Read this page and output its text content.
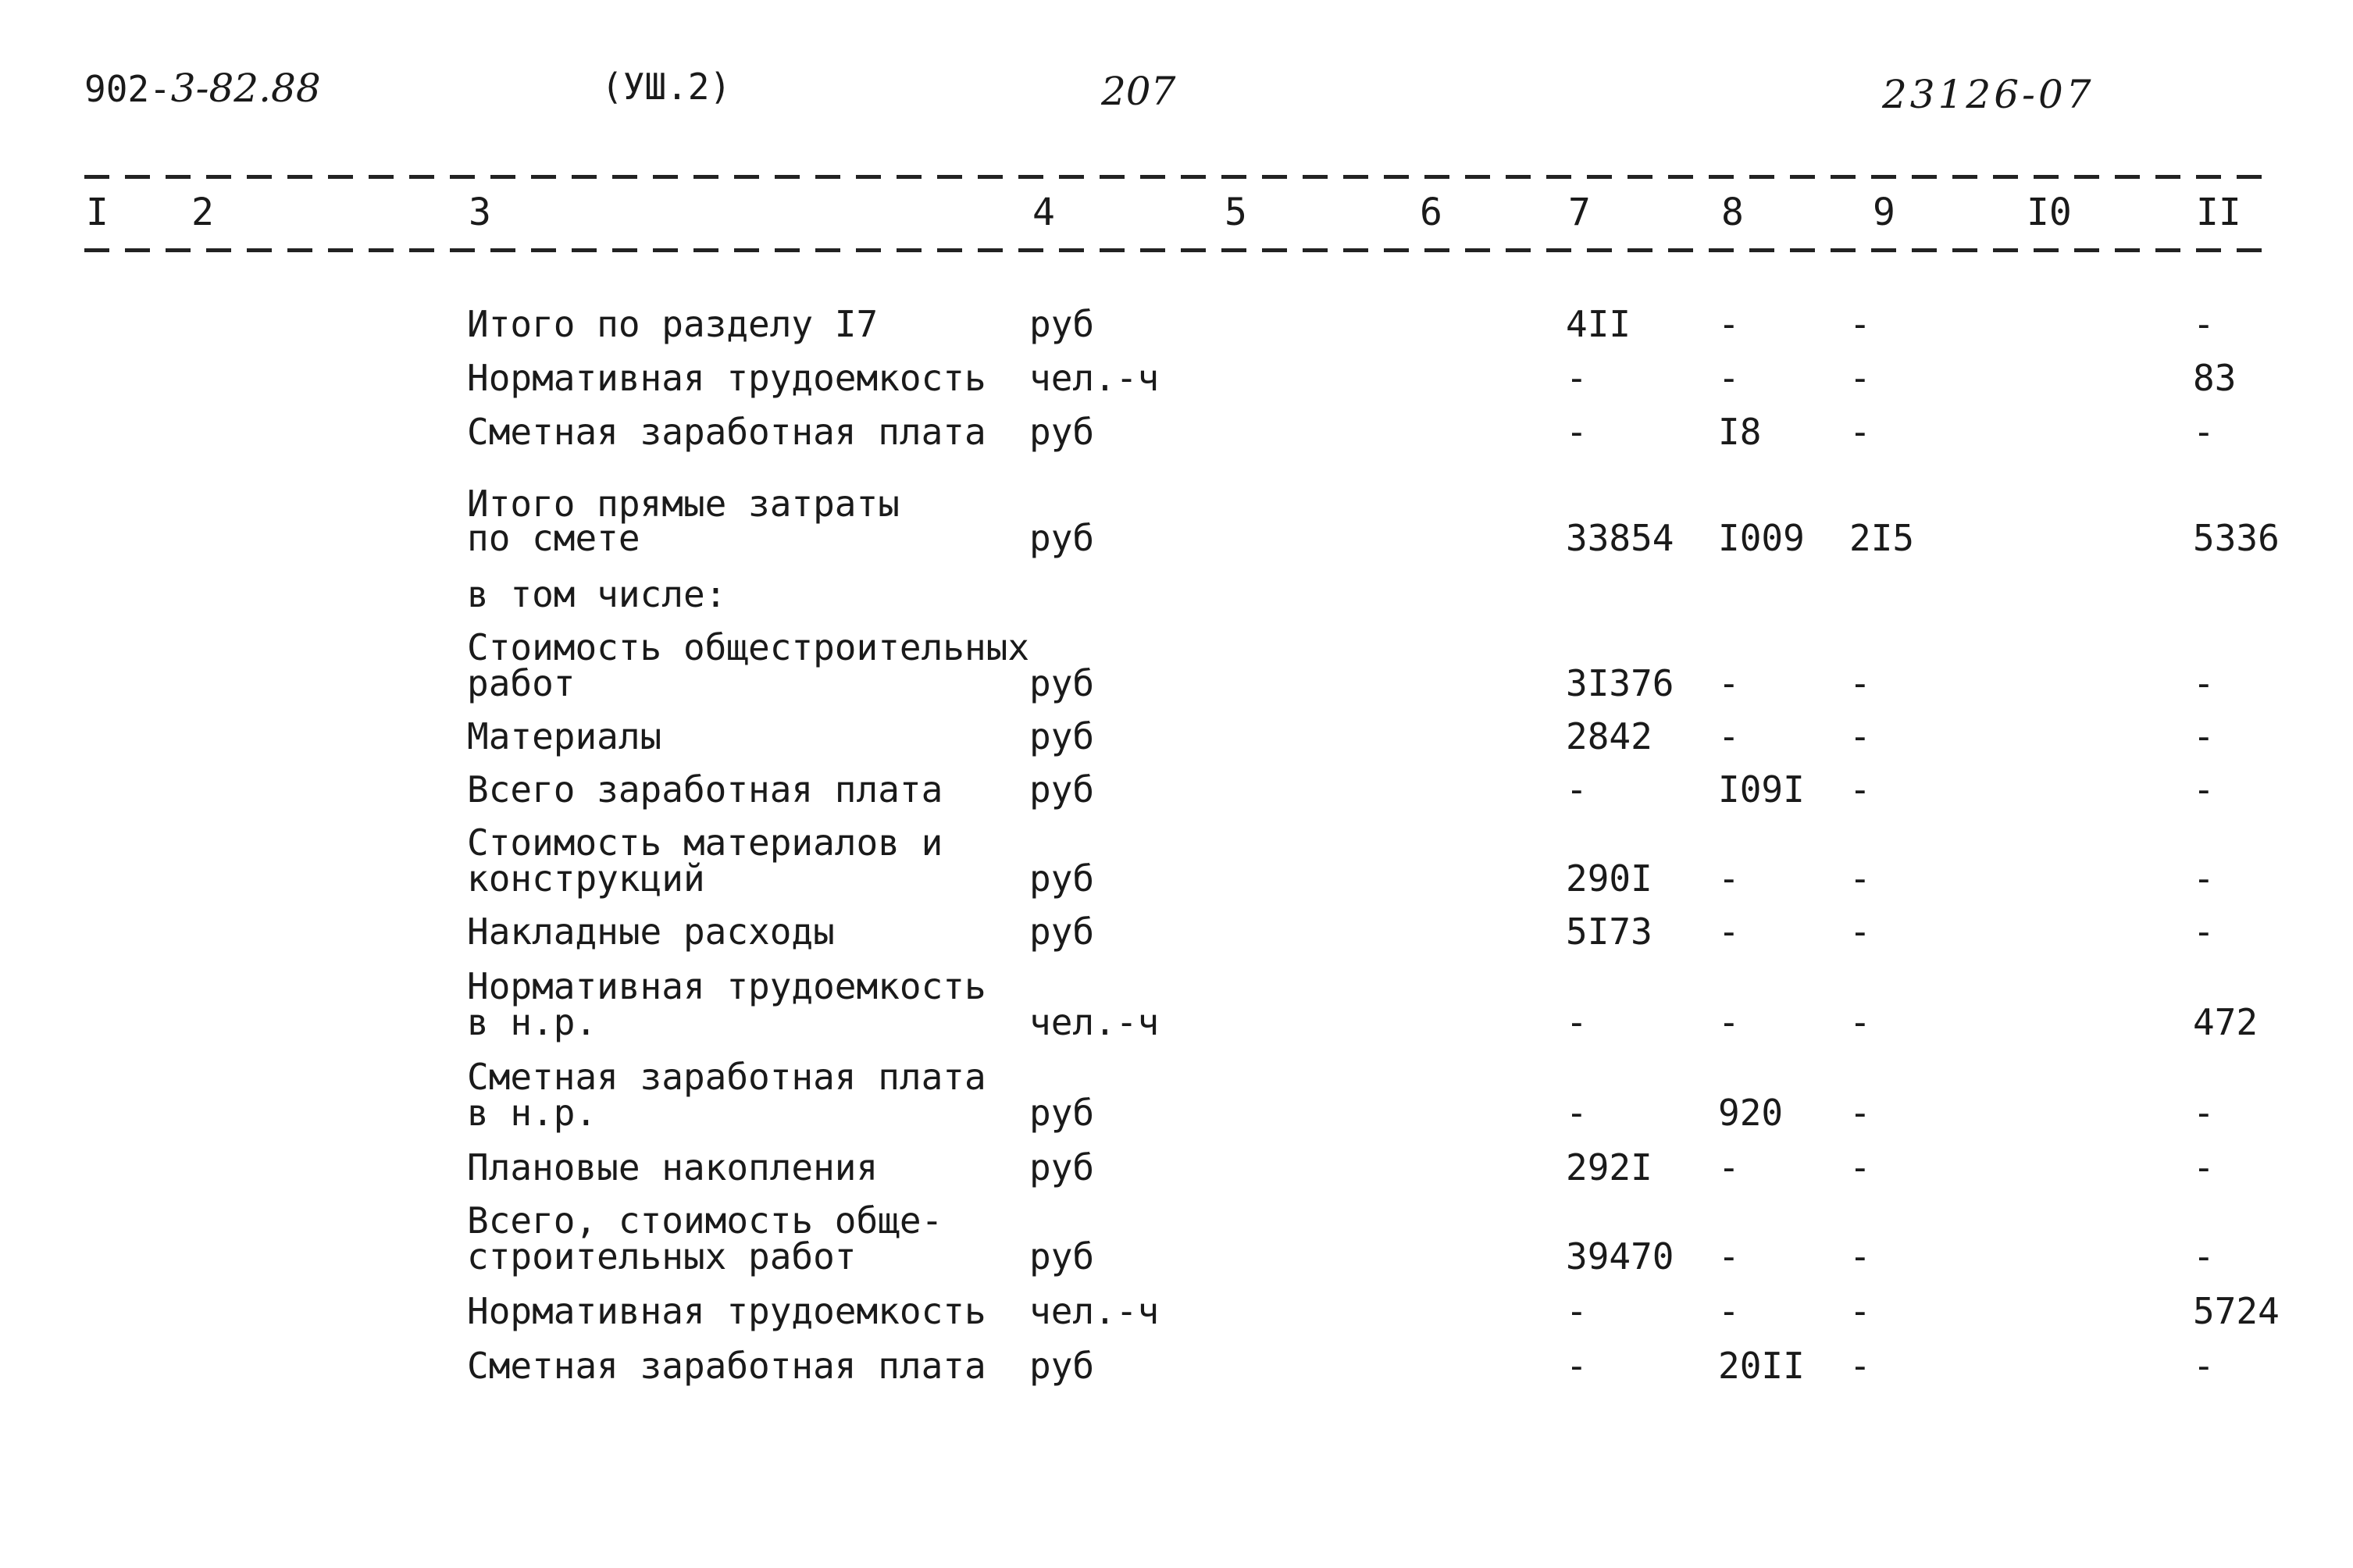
902-3-82.88	(УШ.2)	207	23126-07
I 2	3	4	5	6	7	8	9	I0	II
Итого по разделу I7	руб	4II -	-	-
Нормативная трудоемкость чел.-ч	-	-	-	83
Сметная заработная плата руб	-	I8 -	-
Итого прямые затраты
по смете	руб	33854 I009 2I5	5336
в том числе:
Стоимость общестроительных
работ	руб	3I376 -	-	-
Материалы	руб	2842 -	-	-
Всего заработная плата руб	-	I09I -	-
Стоимость материалов и
конструкций	руб	290I -	-	-
Накладные расходы	руб	5I73 -	-	-
Нормативная трудоемкость
в н.р.	чел.-ч	-	-	-	472
Сметная заработная плата
в н.р.	руб	-	920 -	-
Плановые накопления	руб	292I -	-	-
Всего, стоимость обще-
строительных работ	руб	39470 -	-	-
Нормативная трудоемкость чел.-ч	-	-	-	5724
Сметная заработная плата руб	-	20II -	-
